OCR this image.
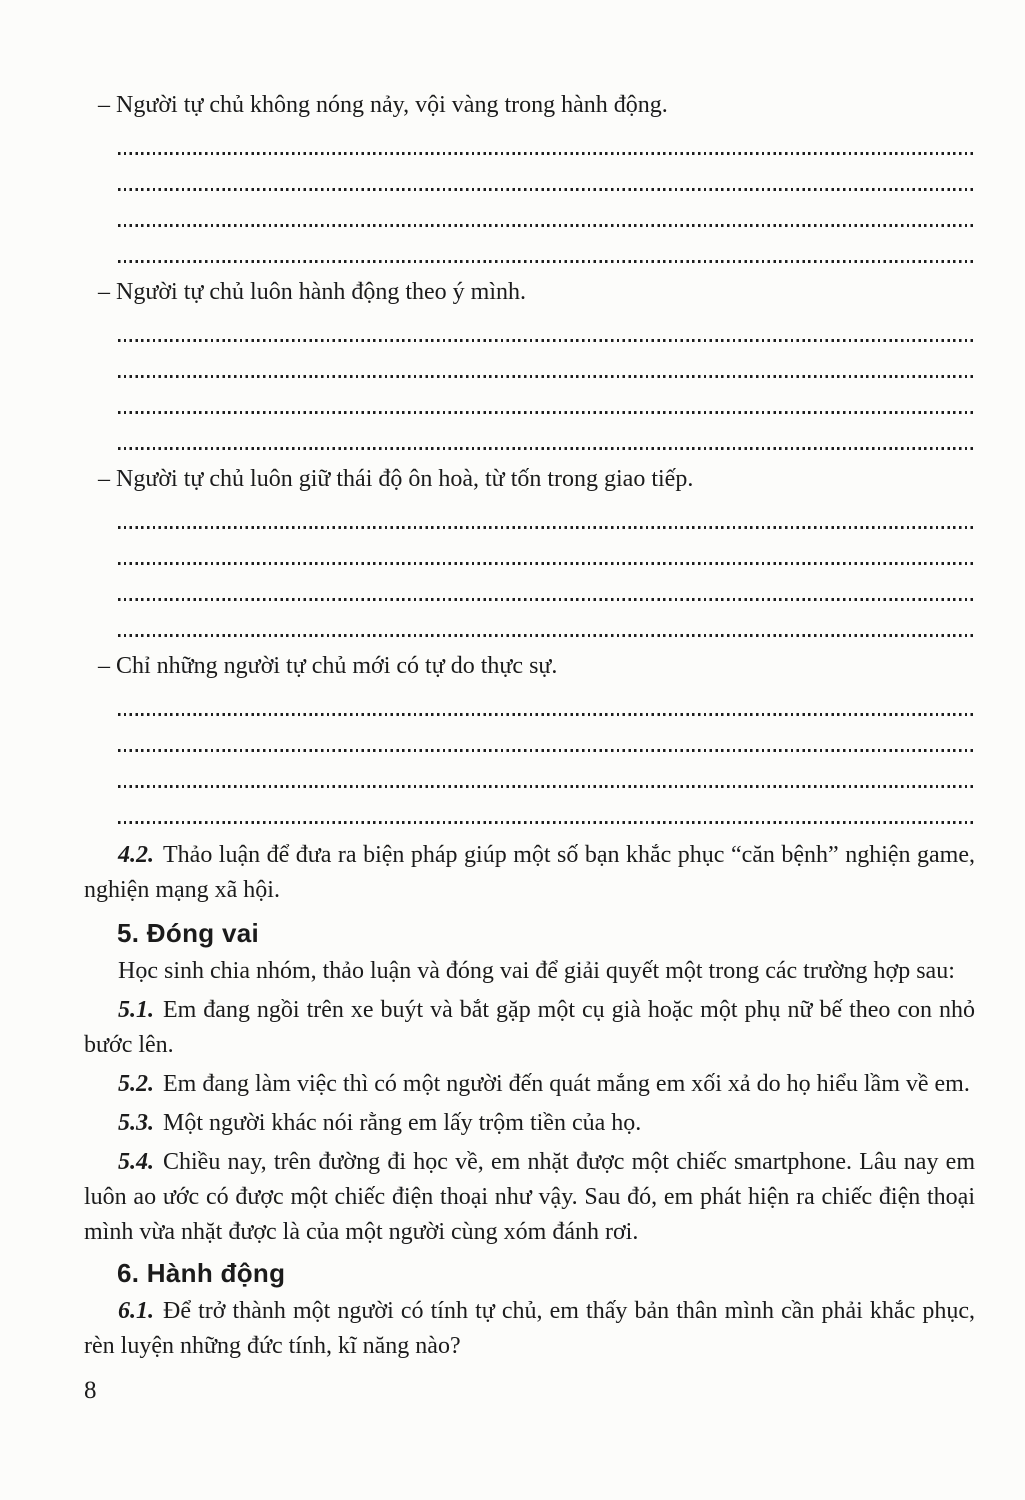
– Người tự chủ không nóng nảy, vội vàng trong hành động.

– Người tự chủ luôn hành động theo ý mình.

– Người tự chủ luôn giữ thái độ ôn hoà, từ tốn trong giao tiếp.

– Chỉ những người tự chủ mới có tự do thực sự.

4.2. Thảo luận để đưa ra biện pháp giúp một số bạn khắc phục “căn bệnh” nghiện game, nghiện mạng xã hội.

5. Đóng vai

Học sinh chia nhóm, thảo luận và đóng vai để giải quyết một trong các trường hợp sau:

5.1. Em đang ngồi trên xe buýt và bắt gặp một cụ già hoặc một phụ nữ bế theo con nhỏ bước lên.

5.2. Em đang làm việc thì có một người đến quát mắng em xối xả do họ hiểu lầm về em.

5.3. Một người khác nói rằng em lấy trộm tiền của họ.

5.4. Chiều nay, trên đường đi học về, em nhặt được một chiếc smartphone. Lâu nay em luôn ao ước có được một chiếc điện thoại như vậy. Sau đó, em phát hiện ra chiếc điện thoại mình vừa nhặt được là của một người cùng xóm đánh rơi.

6. Hành động

6.1. Để trở thành một người có tính tự chủ, em thấy bản thân mình cần phải khắc phục, rèn luyện những đức tính, kĩ năng nào?

8
